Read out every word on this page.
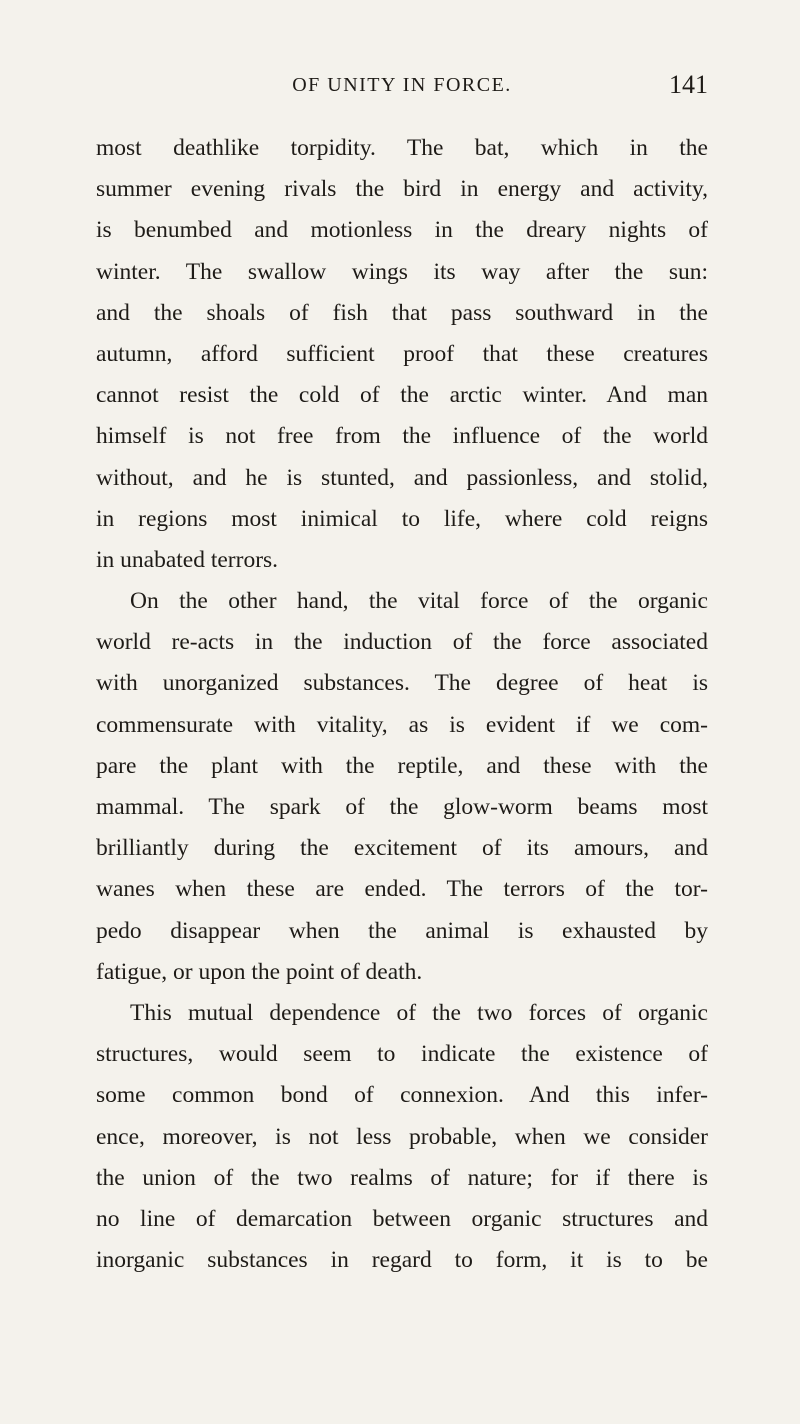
OF UNITY IN FORCE.	141
most deathlike torpidity. The bat, which in the
summer evening rivals the bird in energy and activity,
is benumbed and motionless in the dreary nights of
winter. The swallow wings its way after the sun:
and the shoals of fish that pass southward in the
autumn, afford sufficient proof that these creatures
cannot resist the cold of the arctic winter. And man
himself is not free from the influence of the world
without, and he is stunted, and passionless, and stolid,
in regions most inimical to life, where cold reigns
in unabated terrors.
On the other hand, the vital force of the organic
world re-acts in the induction of the force associated
with unorganized substances. The degree of heat is
commensurate with vitality, as is evident if we com-
pare the plant with the reptile, and these with the
mammal. The spark of the glow-worm beams most
brilliantly during the excitement of its amours, and
wanes when these are ended. The terrors of the tor-
pedo disappear when the animal is exhausted by
fatigue, or upon the point of death.
This mutual dependence of the two forces of organic
structures, would seem to indicate the existence of
some common bond of connexion. And this infer-
ence, moreover, is not less probable, when we consider
the union of the two realms of nature; for if there is
no line of demarcation between organic structures and
inorganic substances in regard to form, it is to be
